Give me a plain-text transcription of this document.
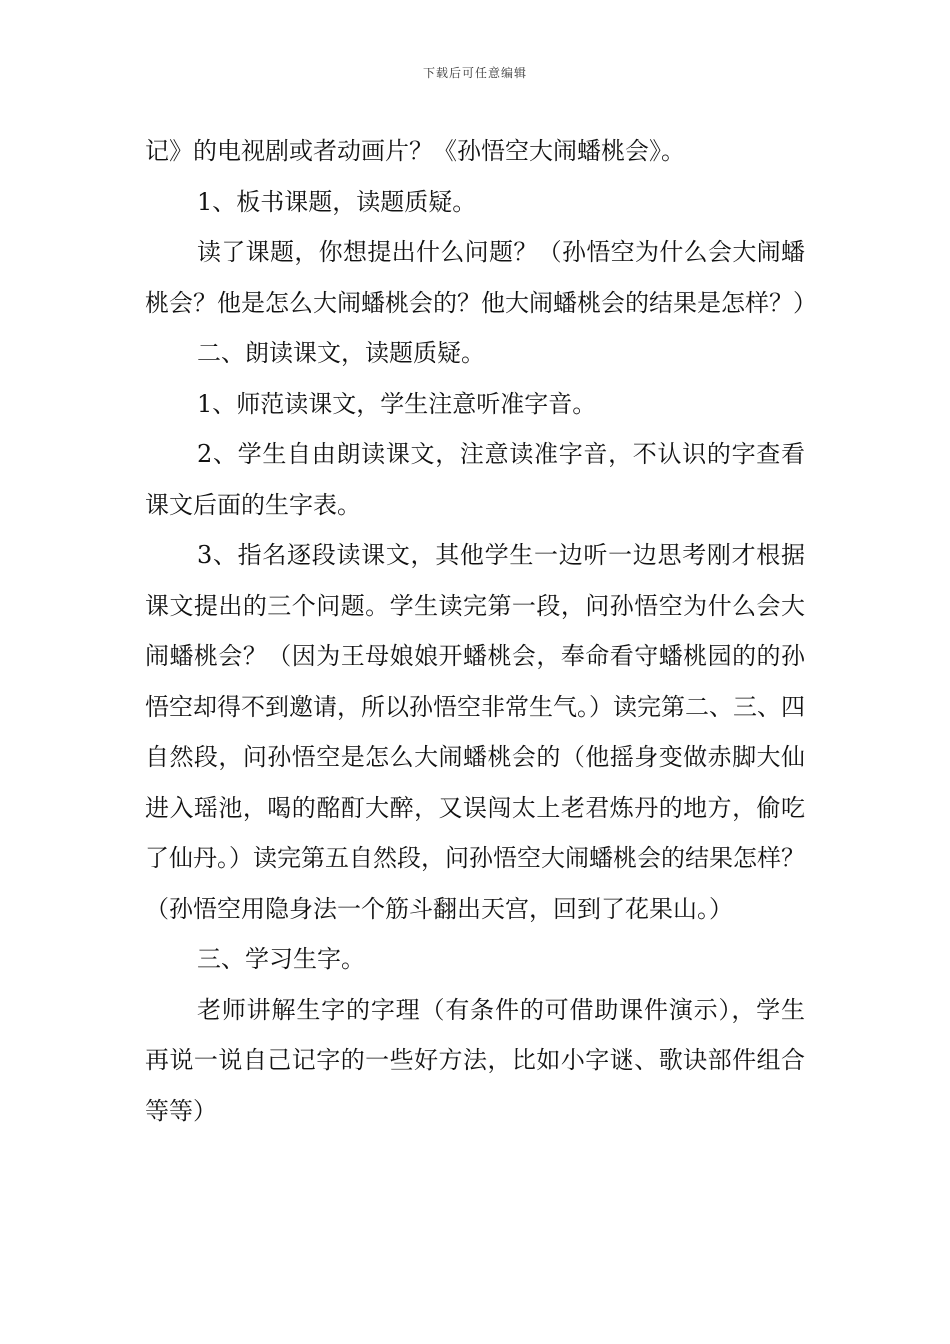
下载后可任意编辑

记》的电视剧或者动画片？《孙悟空大闹蟠桃会》。

1、板书课题，读题质疑。

读了课题，你想提出什么问题？（孙悟空为什么会大闹蟠桃会？他是怎么大闹蟠桃会的？他大闹蟠桃会的结果是怎样？）

二、朗读课文，读题质疑。

1、师范读课文，学生注意听准字音。

2、学生自由朗读课文，注意读准字音，不认识的字查看课文后面的生字表。

3、指名逐段读课文，其他学生一边听一边思考刚才根据课文提出的三个问题。学生读完第一段，问孙悟空为什么会大闹蟠桃会？（因为王母娘娘开蟠桃会，奉命看守蟠桃园的的孙悟空却得不到邀请，所以孙悟空非常生气。）读完第二、三、四自然段，问孙悟空是怎么大闹蟠桃会的（他摇身变做赤脚大仙进入瑶池，喝的酩酊大醉，又误闯太上老君炼丹的地方，偷吃了仙丹。）读完第五自然段，问孙悟空大闹蟠桃会的结果怎样？（孙悟空用隐身法一个筋斗翻出天宫，回到了花果山。）

三、学习生字。

老师讲解生字的字理（有条件的可借助课件演示），学生再说一说自己记字的一些好方法，比如小字谜、歌诀部件组合等等）
